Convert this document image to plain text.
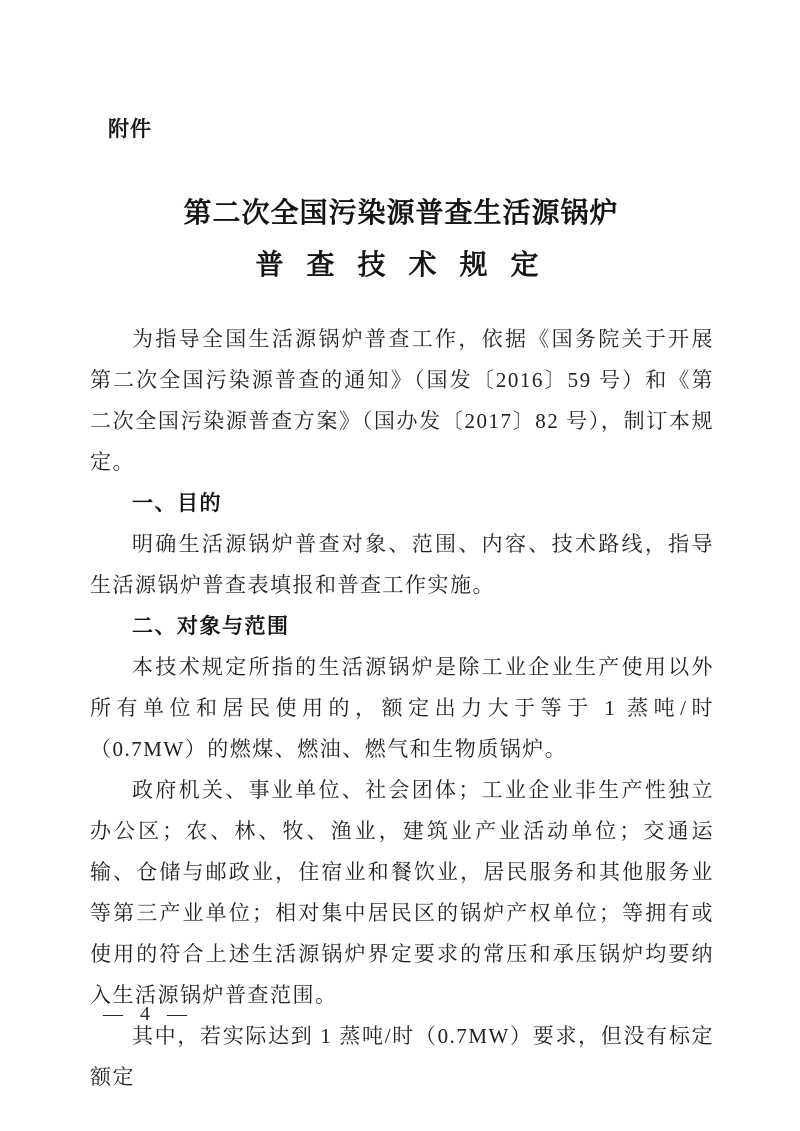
附件
第二次全国污染源普查生活源锅炉
普 查 技 术 规 定

为指导全国生活源锅炉普查工作，依据《国务院关于开展第二次全国污染源普查的通知》（国发〔2016〕59 号）和《第二次全国污染源普查方案》（国办发〔2017〕82 号），制订本规定。

一、目的

明确生活源锅炉普查对象、范围、内容、技术路线，指导生活源锅炉普查表填报和普查工作实施。

二、对象与范围

本技术规定所指的生活源锅炉是除工业企业生产使用以外所有单位和居民使用的，额定出力大于等于 1 蒸吨/时（0.7MW）的燃煤、燃油、燃气和生物质锅炉。

政府机关、事业单位、社会团体；工业企业非生产性独立办公区；农、林、牧、渔业，建筑业产业活动单位；交通运输、仓储与邮政业，住宿业和餐饮业，居民服务和其他服务业等第三产业单位；相对集中居民区的锅炉产权单位；等拥有或使用的符合上述生活源锅炉界定要求的常压和承压锅炉均要纳入生活源锅炉普查范围。

其中，若实际达到 1 蒸吨/时（0.7MW）要求，但没有标定额定

— 4 —
